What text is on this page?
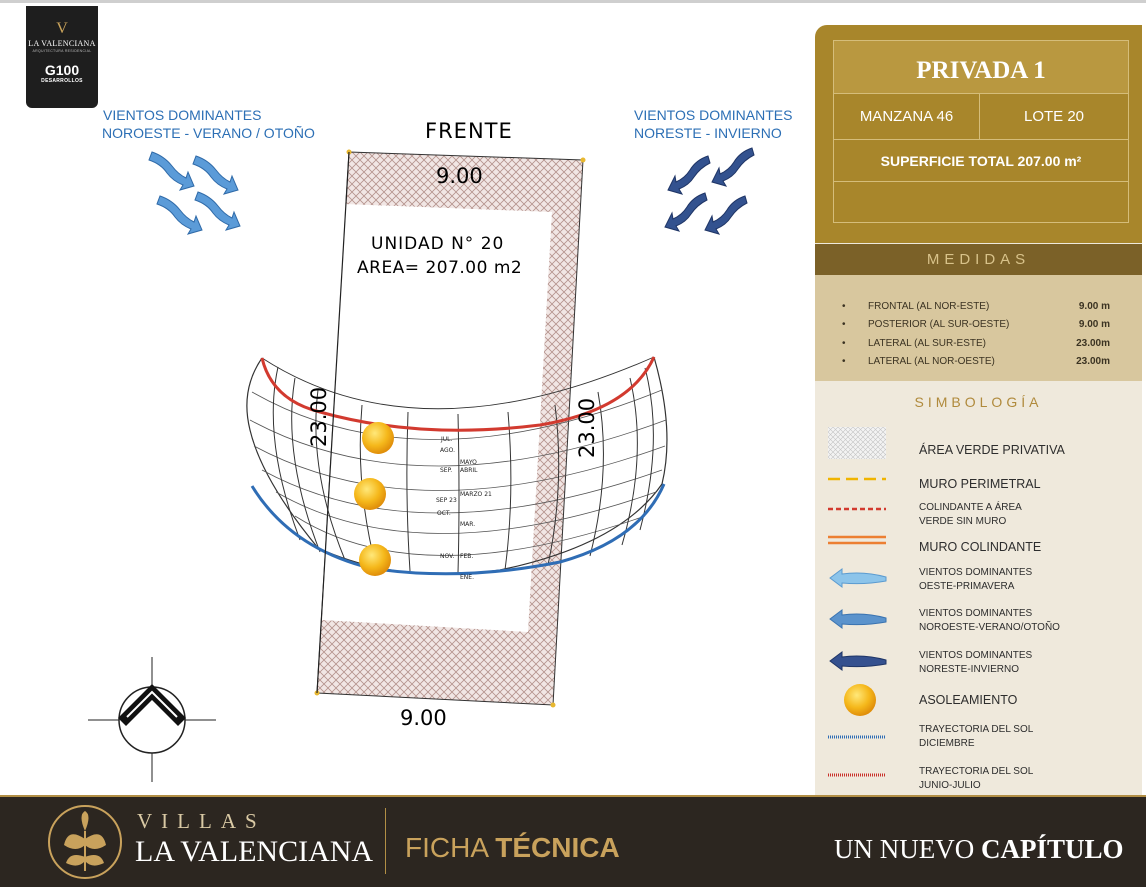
V
LA VALENCIANA
ARQUITECTURA RESIDENCIAL
G100
DESARROLLOS
VIENTOS DOMINANTES
NOROESTE - VERANO / OTOÑO
VIENTOS DOMINANTES
NORESTE - INVIERNO
JUL.
AGO.
MAYO
SEP. ABRIL
MARZO 21
SEP 23
OCT.
MAR.
NOV. FEB.
ENE.
FRENTE
9.00
9.00
23.00	23.00
UNIDAD N° 20
AREA= 207.00 m2
PRIVADA 1
MANZANA 46	LOTE 20
SUPERFICIE TOTAL 207.00 m²
MEDIDAS
• FRONTAL (AL NOR-ESTE)	9.00 m
• POSTERIOR (AL SUR-OESTE)	9.00 m
• LATERAL (AL SUR-ESTE)	23.00m
• LATERAL (AL NOR-OESTE)	23.00m
SIMBOLOGÍA
ÁREA VERDE PRIVATIVA
MURO PERIMETRAL
COLINDANTE A ÁREA
VERDE SIN MURO
MURO COLINDANTE
VIENTOS DOMINANTES
OESTE-PRIMAVERA
VIENTOS DOMINANTES
NOROESTE-VERANO/OTOÑO
VIENTOS DOMINANTES
NORESTE-INVIERNO
ASOLEAMIENTO
TRAYECTORIA DEL SOL
DICIEMBRE
TRAYECTORIA DEL SOL
JUNIO-JULIO
VILLAS
LA VALENCIANA FICHA TÉCNICA	UN NUEVO CAPÍTULO
